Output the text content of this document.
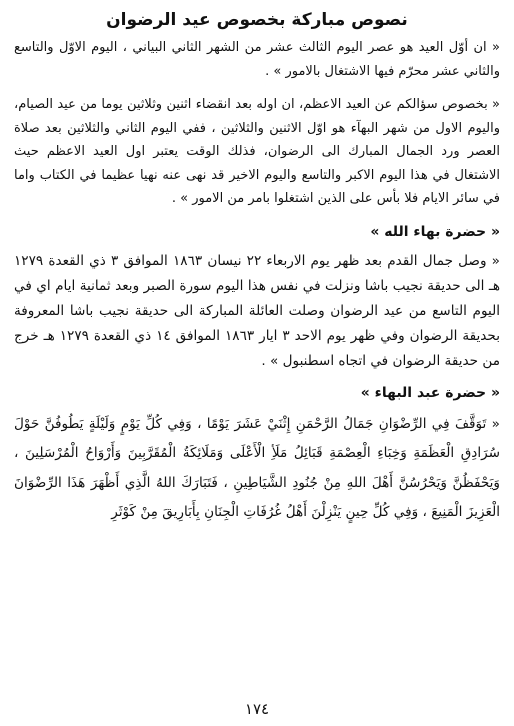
نصوص مباركة بخصوص عيد الرضوان

« ان أوّل العيد هو عصر اليوم الثالث عشر من الشهر الثاني البياني ، اليوم الاوّل والتاسع والثاني عشر محرّم فيها الاشتغال بالامور » .

« بخصوص سؤالكم عن العيد الاعظم، ان اوله بعد انقضاء اثنين وثلاثين يوما من عيد الصيام، واليوم الاول من شهر البهآء هو اوّل الاثنين والثلاثين ، ففي اليوم الثاني والثلاثين بعد صلاة العصر ورد الجمال المبارك الى الرضوان، فذلك الوقت يعتبر اول العيد الاعظم حيث الاشتغال في هذا اليوم الاكبر والتاسع واليوم الاخير قد نهى عنه نهيا عظيما في الكتاب واما في سائر الايام فلا بأس على الذين اشتغلوا بامر من الامور » .

« حضرة بهاء الله »

« وصل جمال القدم بعد ظهر يوم الاربعاء ٢٢ نيسان ١٨٦٣ الموافق ٣ ذي القعدة ١٢٧٩ هـ الى حديقة نجيب باشا ونزلت في نفس هذا اليوم سورة الصبر وبعد ثمانية ايام اي في اليوم التاسع من عيد الرضوان وصلت العائلة المباركة الى حديقة نجيب باشا المعروفة بحديقة الرضوان وفي ظهر يوم الاحد ٣ ايار ١٨٦٣ الموافق ١٤ ذي القعدة ١٢٧٩ هـ خرج من حديقة الرضوان في اتجاه اسطنبول » .

« حضرة عبد البهاء »

« تَوَقَّفَ فِي الرِّضْوَانِ جَمَالُ الرَّحْمَنِ إِثْنَيْ عَشَرَ يَوْمًا ، وَفِي كُلِّ يَوْمٍ وَلَيْلَةٍ يَطُوفُنَّ حَوْلَ سُرَادِقِ الْعَظَمَةِ وَخِبَاءِ الْعِصْمَةِ قَبَائِلُ مَلَأِ الْأَعْلَى وَمَلَائِكَةُ الْمُقَرَّبِينَ وَأَرْوَاحُ الْمُرْسَلِينَ ، وَيَحْفَظُنَّ وَيَحْرُسُنَّ أَهْلَ اللهِ مِنْ جُنُودِ الشَّيَاطِينِ ، فَتَبَارَكَ اللهُ الَّذِي أَظْهَرَ هَذَا الرِّضْوَانَ الْعَزِيزَ الْمَنِيعَ ، وَفِي كُلِّ حِينٍ يَنْزِلْنَ أَهْلُ غُرُفَاتِ الْجِنَانِ بِأَبَارِيقَ مِنْ كَوْثَرِ

١٧٤
